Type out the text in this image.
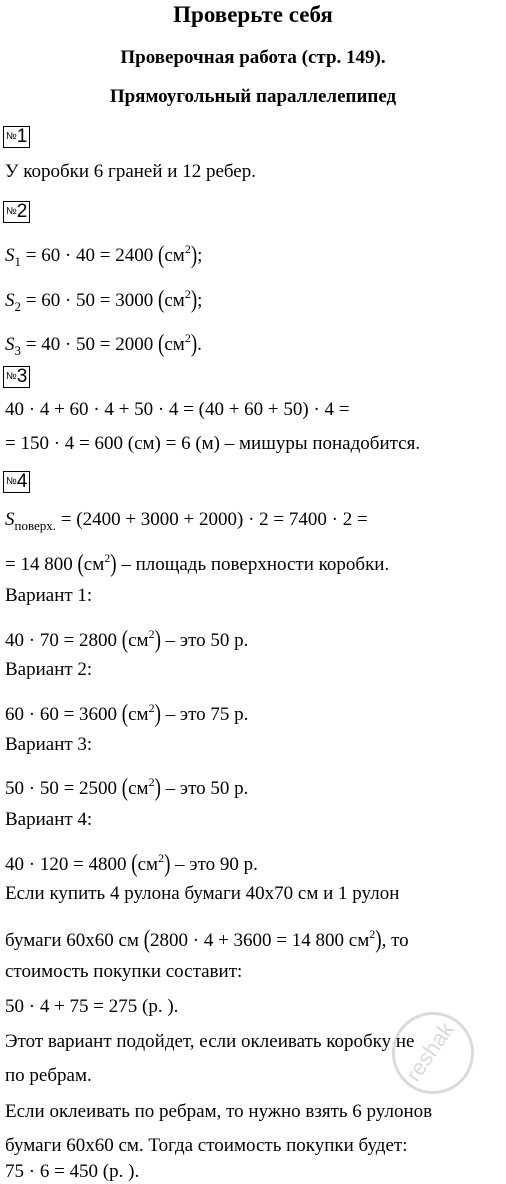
Проверьте себя
Проверочная работа (стр. 149).
Прямоугольный параллелепипед
№1
У коробки 6 граней и 12 ребер.
№2
$S_1 = 60 \cdot 40 = 2400$ $(см^2)$;
$S_2 = 60 \cdot 50 = 3000$ $(см^2)$;
$S_3 = 40 \cdot 50 = 2000$ $(см^2)$.
№3
40 · 4 + 60 · 4 + 50 · 4 = (40 + 60 + 50) · 4 =
= 150 · 4 = 600 (см) = 6 (м) – мишуры понадобится.
№4
$S_{поверх.} = (2400 + 3000 + 2000) \cdot 2 = 7400 \cdot 2$ =
= 14 800 $(см^2)$ – площадь поверхности коробки.
Вариант 1:
40 · 70 = 2800 $(см^2)$ – это 50 р.
Вариант 2:
60 · 60 = 3600 $(см^2)$ – это 75 р.
Вариант 3:
50 · 50 = 2500 $(см^2)$ – это 50 р.
Вариант 4:
40 · 120 = 4800 $(см^2)$ – это 90 р.
Если купить 4 рулона бумаги 40х70 см и 1 рулон
бумаги 60х60 см (2800 · 4 + 3600 = 14 800 $см^2$), то
стоимость покупки составит:
50 · 4 + 75 = 275 (р. ).
Этот вариант подойдет, если оклеивать коробку не
по ребрам.
Если оклеивать по ребрам, то нужно взять 6 рулонов
бумаги 60х60 см. Тогда стоимость покупки будет:
75 · 6 = 450 (р. ).
reshak
